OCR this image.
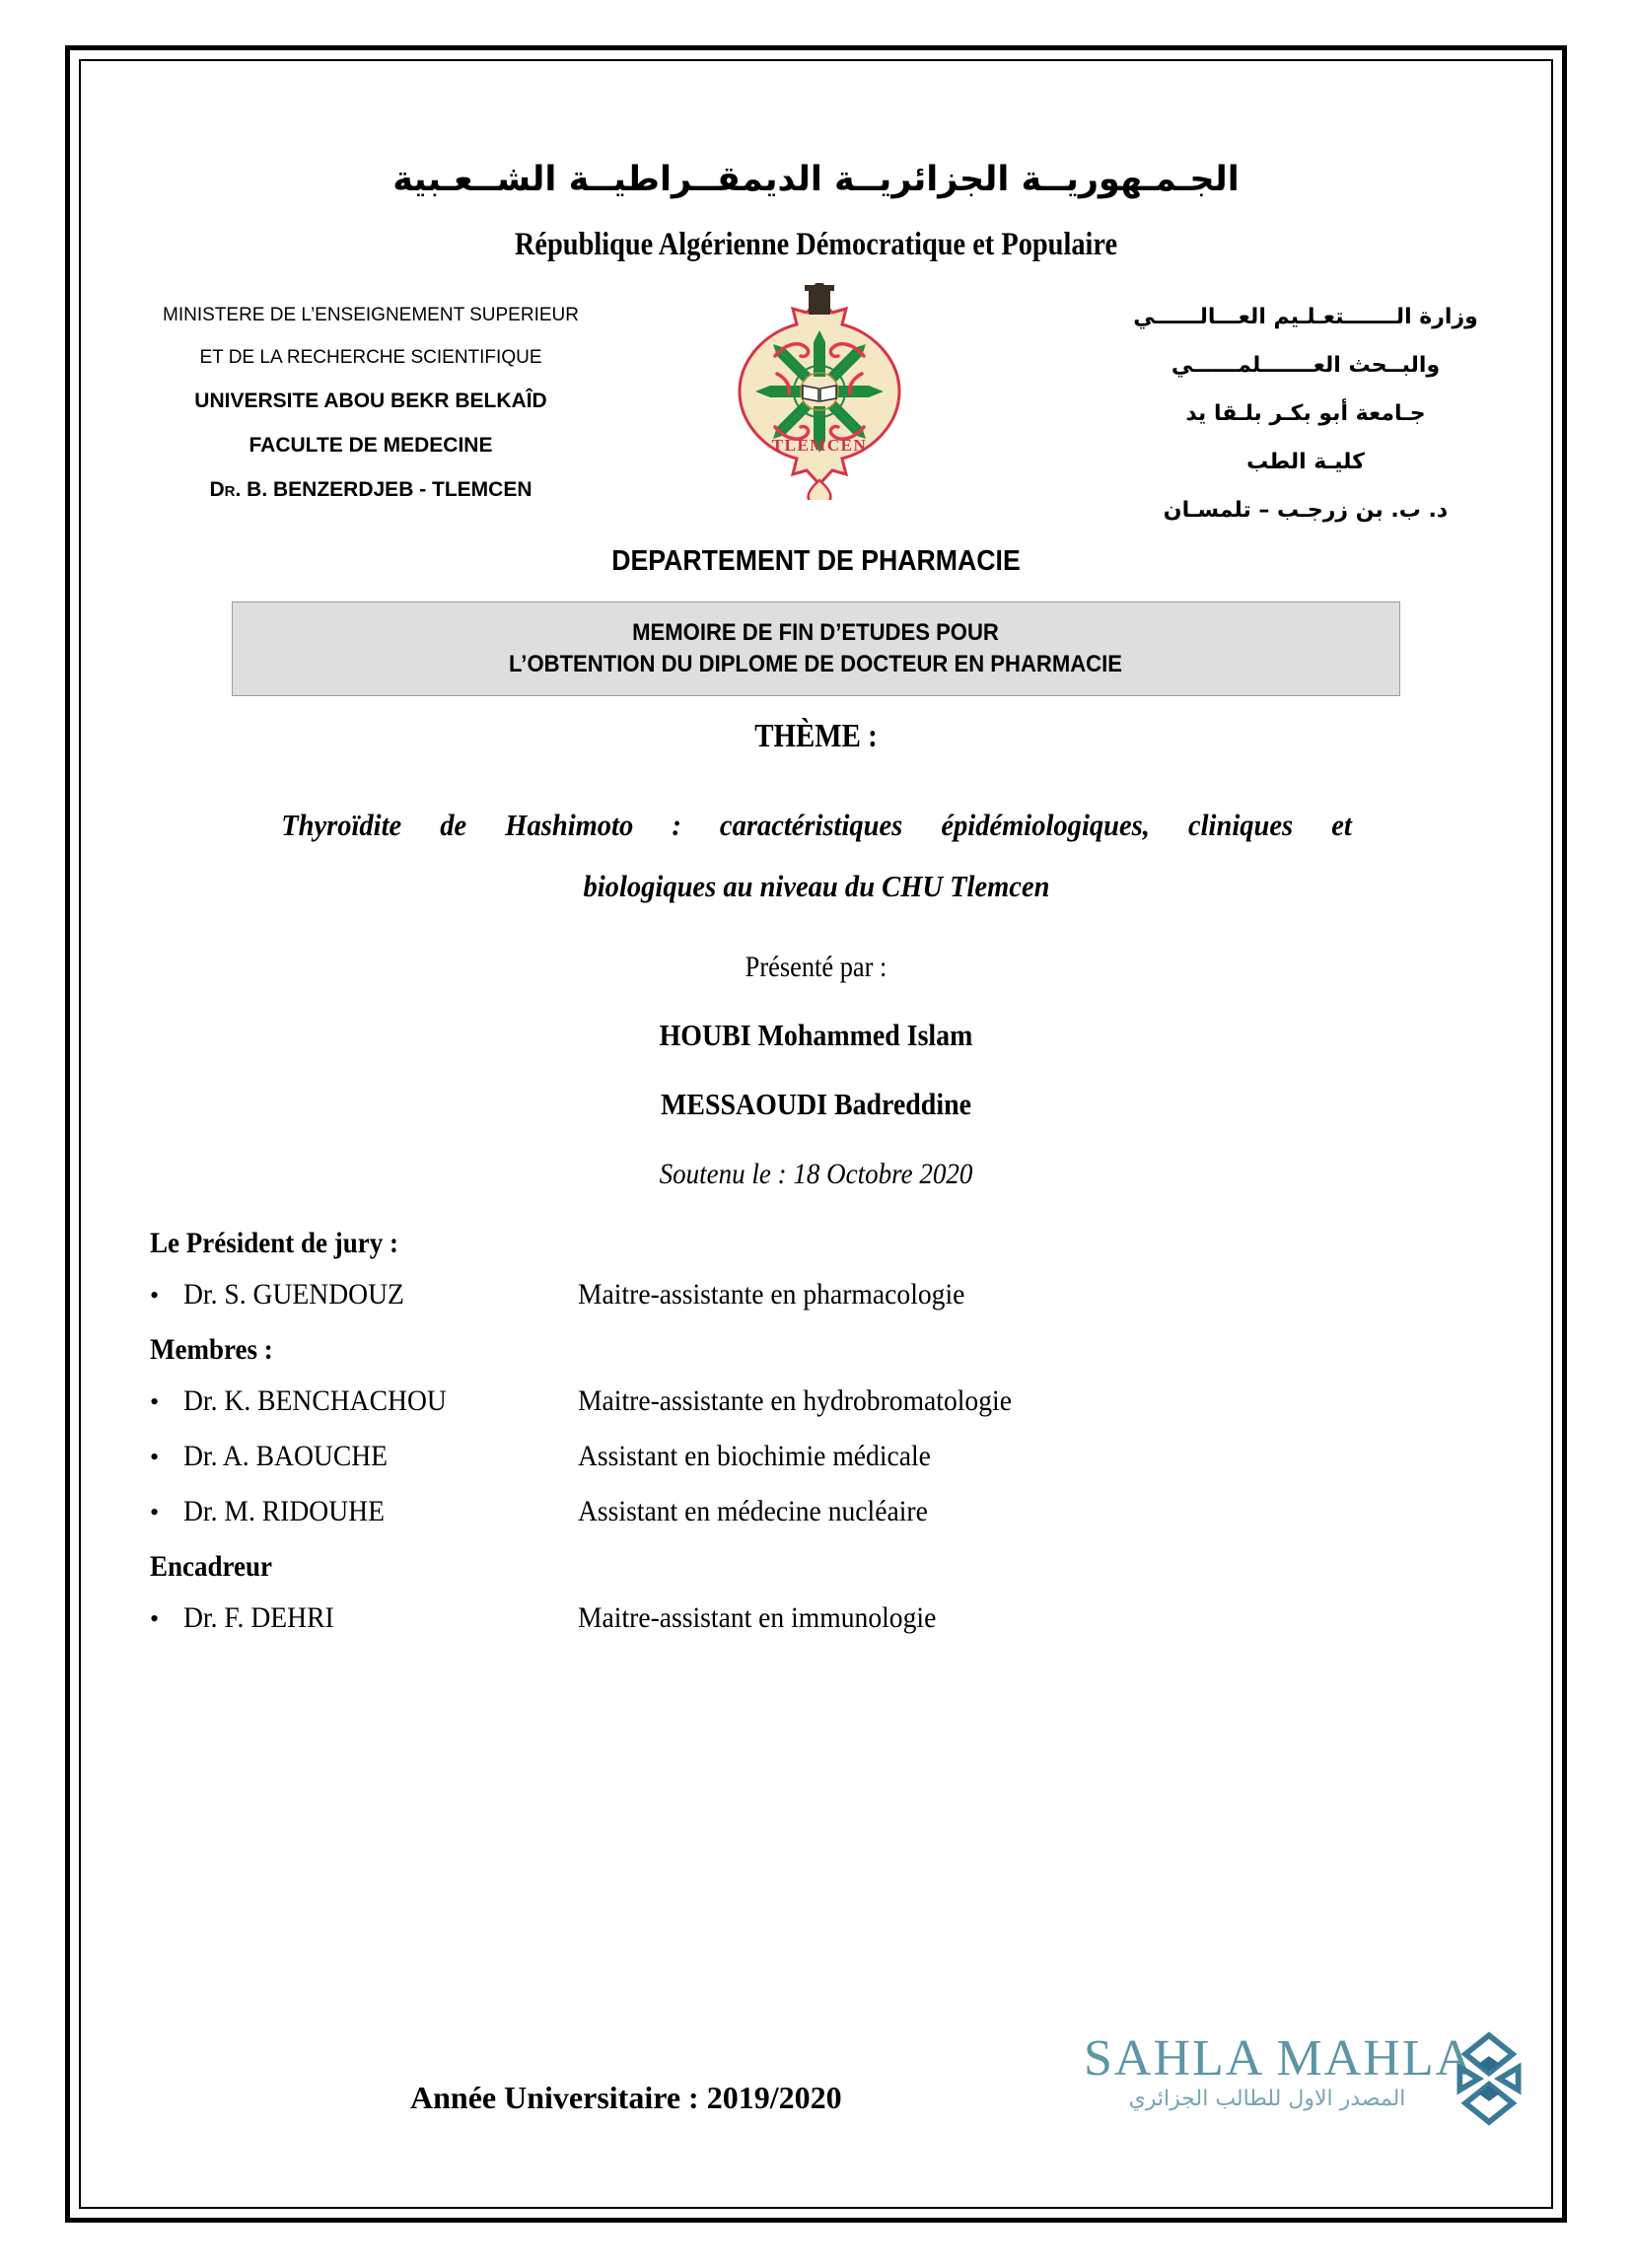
الجـمـهوريــة الجزائريــة الديمقــراطيــة الشــعـبية
République Algérienne Démocratique et Populaire
MINISTERE DE L’ENSEIGNEMENT SUPERIEUR
ET DE LA RECHERCHE SCIENTIFIQUE
UNIVERSITE ABOU BEKR BELKAÎD
FACULTE DE MEDECINE
DR. B. BENZERDJEB - TLEMCEN
TLEMCEN
وزارة الـــــــتعـلـيم العـــالــــــي
والبــحث العـــــــلمــــــي
جـامعة أبو بكـر بلـقا يد
كليـة الطب
د. ب. بن زرجـب – تلمسـان
DEPARTEMENT DE PHARMACIE
MEMOIRE DE FIN D’ETUDES POUR
L’OBTENTION DU DIPLOME DE DOCTEUR EN PHARMACIE
THÈME :
Thyroïdite de Hashimoto : caractéristiques épidémiologiques, cliniques et
biologiques au niveau du CHU Tlemcen
Présenté par :
HOUBI Mohammed Islam
MESSAOUDI Badreddine
Soutenu le : 18 Octobre 2020
Le Président de jury :
• Dr. S. GUENDOUZ	Maitre-assistante en pharmacologie
Membres :
• Dr. K. BENCHACHOU	Maitre-assistante en hydrobromatologie
• Dr. A. BAOUCHE	Assistant en biochimie médicale
• Dr. M. RIDOUHE	Assistant en médecine nucléaire
Encadreur
• Dr. F. DEHRI	Maitre-assistant en immunologie
Année Universitaire : 2019/2020
SAHLA MAHLA
المصدر الاول للطالب الجزائري
